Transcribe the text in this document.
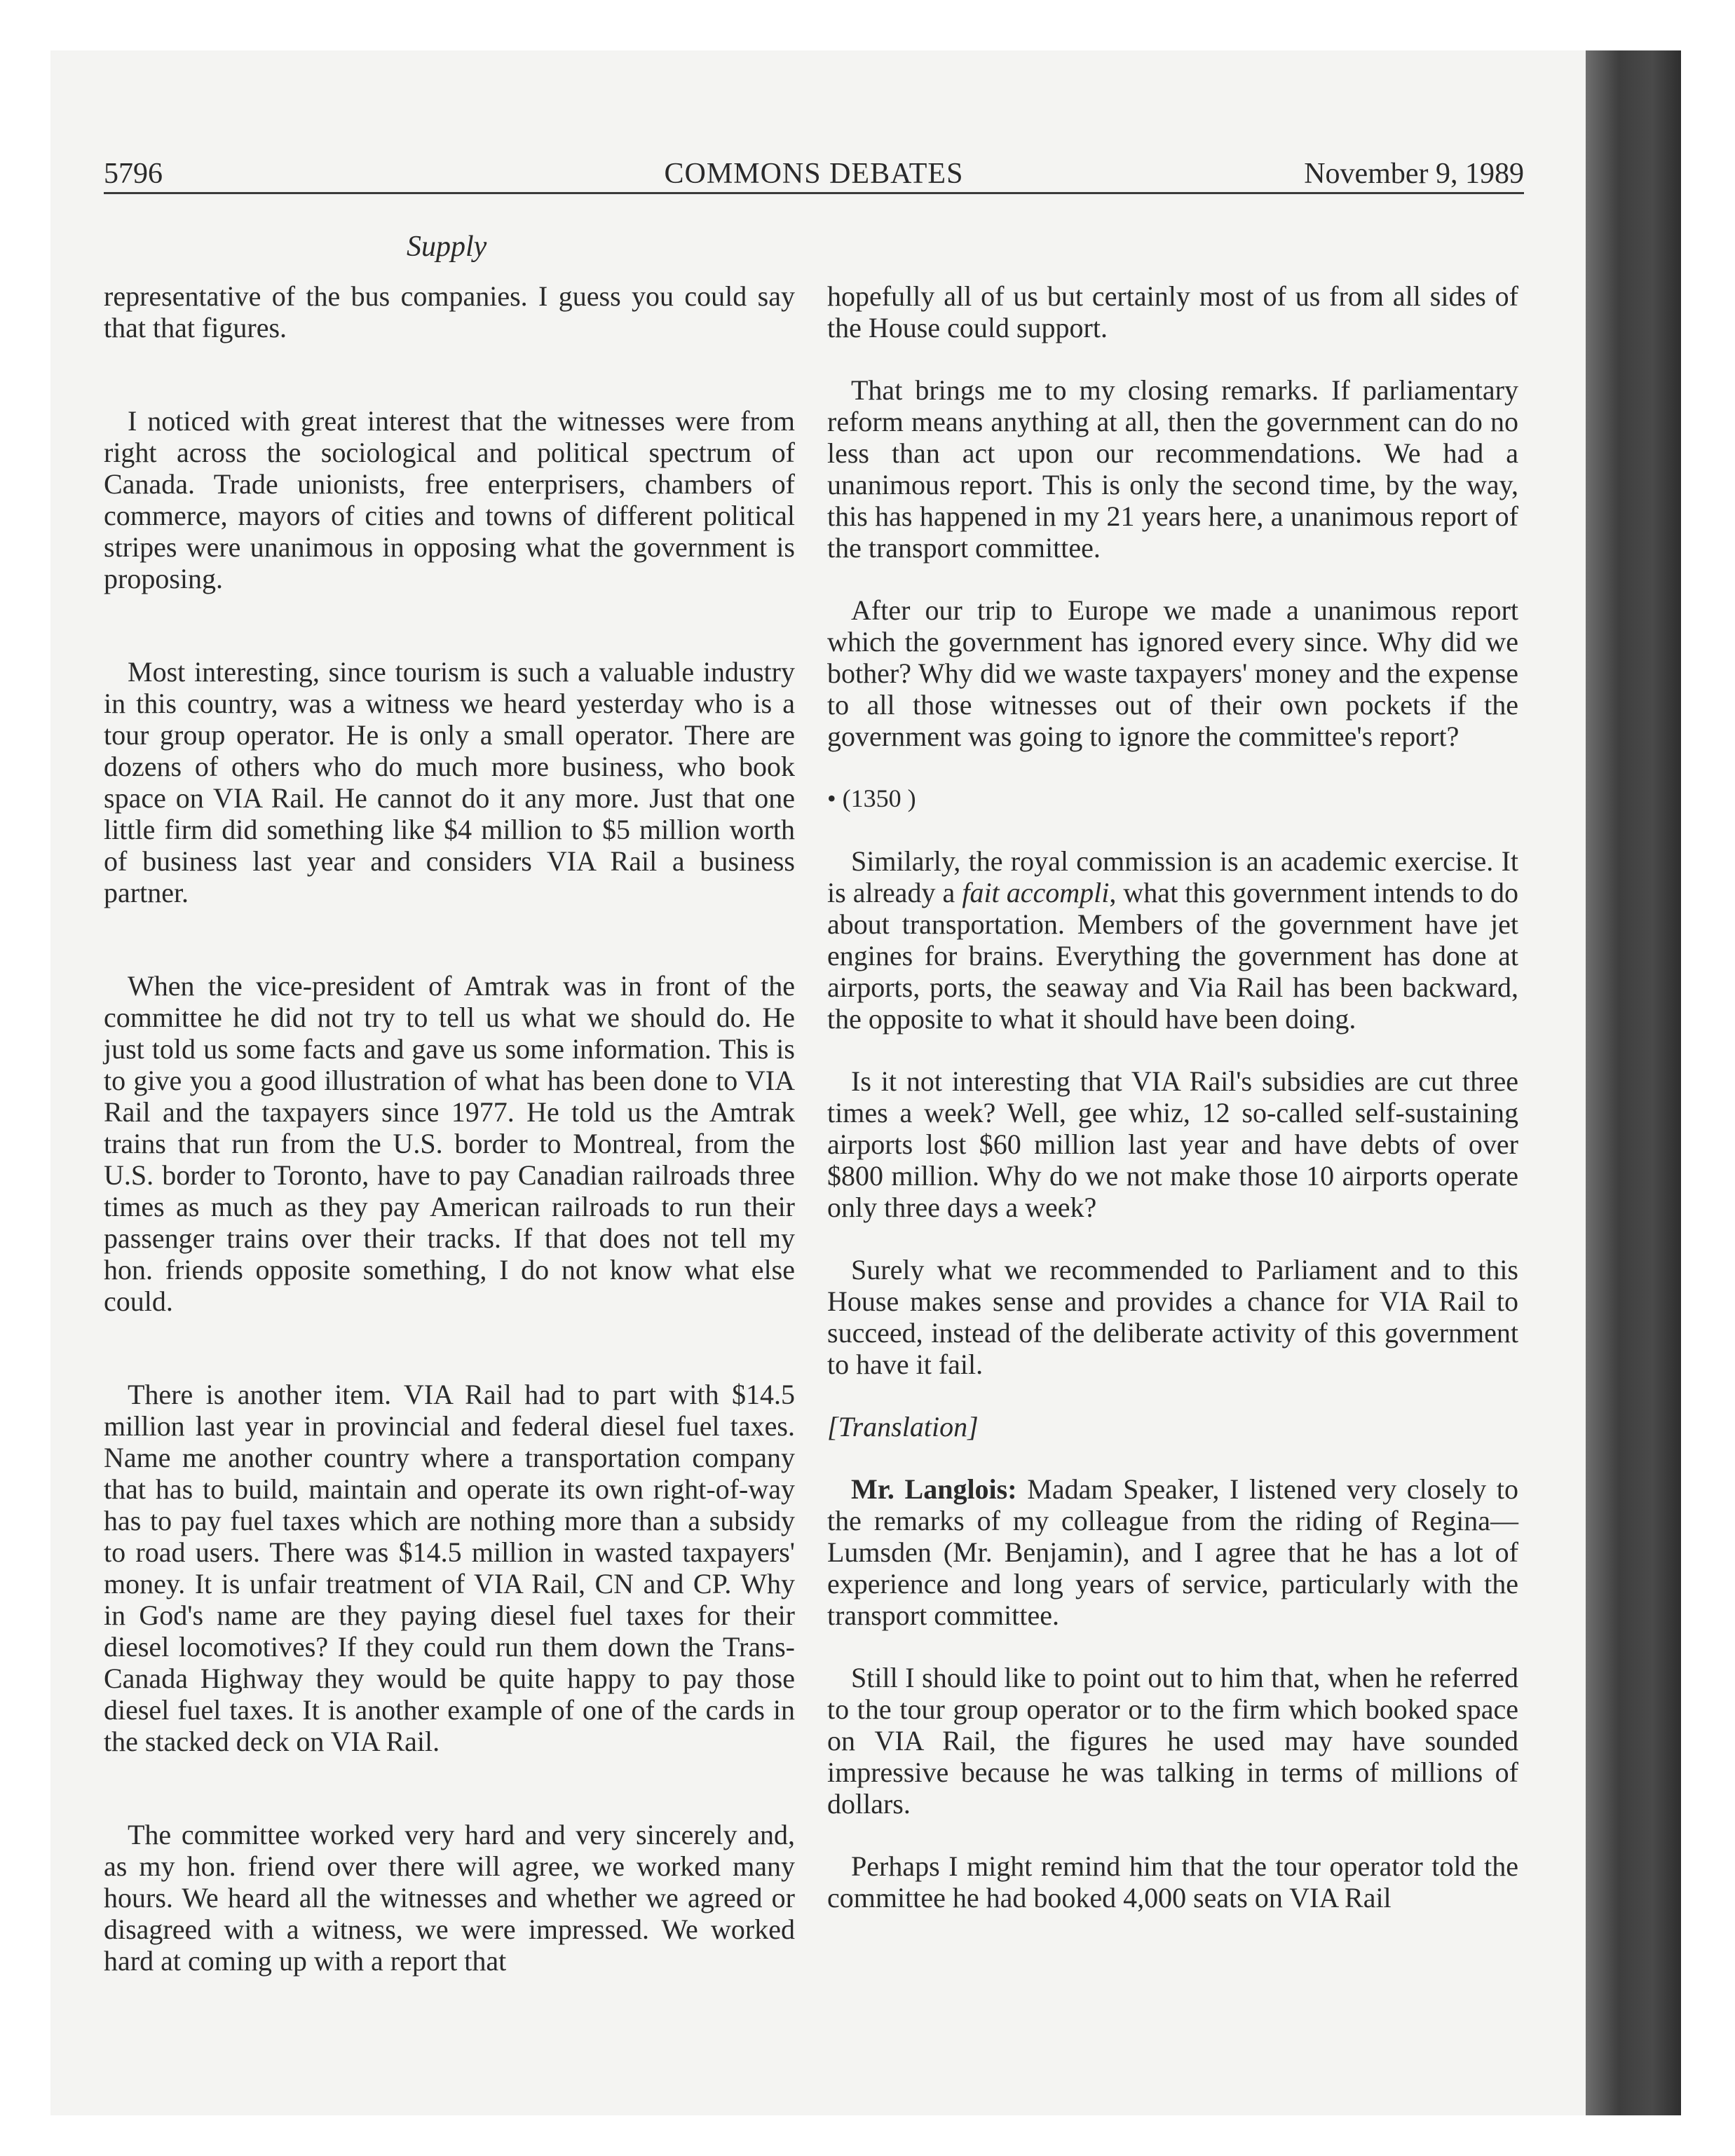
5796	COMMONS DEBATES	November 9, 1989
Supply

representative of the bus companies. I guess you could say that that figures.

I noticed with great interest that the witnesses were from right across the sociological and political spectrum of Canada. Trade unionists, free enterprisers, chambers of commerce, mayors of cities and towns of different political stripes were unanimous in opposing what the government is proposing.

Most interesting, since tourism is such a valuable industry in this country, was a witness we heard yesterday who is a tour group operator. He is only a small operator. There are dozens of others who do much more business, who book space on VIA Rail. He cannot do it any more. Just that one little firm did something like $4 million to $5 million worth of business last year and considers VIA Rail a business partner.

When the vice-president of Amtrak was in front of the committee he did not try to tell us what we should do. He just told us some facts and gave us some information. This is to give you a good illustration of what has been done to VIA Rail and the taxpayers since 1977. He told us the Amtrak trains that run from the U.S. border to Montreal, from the U.S. border to Toronto, have to pay Canadian railroads three times as much as they pay American railroads to run their passenger trains over their tracks. If that does not tell my hon. friends opposite something, I do not know what else could.

There is another item. VIA Rail had to part with $14.5 million last year in provincial and federal diesel fuel taxes. Name me another country where a transportation company that has to build, maintain and operate its own right-of-way has to pay fuel taxes which are nothing more than a subsidy to road users. There was $14.5 million in wasted taxpayers' money. It is unfair treatment of VIA Rail, CN and CP. Why in God's name are they paying diesel fuel taxes for their diesel locomotives? If they could run them down the Trans-Canada Highway they would be quite happy to pay those diesel fuel taxes. It is another example of one of the cards in the stacked deck on VIA Rail.

The committee worked very hard and very sincerely and, as my hon. friend over there will agree, we worked many hours. We heard all the witnesses and whether we agreed or disagreed with a witness, we were impressed. We worked hard at coming up with a report that

hopefully all of us but certainly most of us from all sides of the House could support.

That brings me to my closing remarks. If parliamentary reform means anything at all, then the government can do no less than act upon our recommendations. We had a unanimous report. This is only the second time, by the way, this has happened in my 21 years here, a unanimous report of the transport committee.

After our trip to Europe we made a unanimous report which the government has ignored every since. Why did we bother? Why did we waste taxpayers' money and the expense to all those witnesses out of their own pockets if the government was going to ignore the committee's report?

• (1350 )

Similarly, the royal commission is an academic exercise. It is already a fait accompli, what this government intends to do about transportation. Members of the government have jet engines for brains. Everything the government has done at airports, ports, the seaway and Via Rail has been backward, the opposite to what it should have been doing.

Is it not interesting that VIA Rail's subsidies are cut three times a week? Well, gee whiz, 12 so-called self-sustaining airports lost $60 million last year and have debts of over $800 million. Why do we not make those 10 airports operate only three days a week?

Surely what we recommended to Parliament and to this House makes sense and provides a chance for VIA Rail to succeed, instead of the deliberate activity of this government to have it fail.

[Translation]

Mr. Langlois: Madam Speaker, I listened very closely to the remarks of my colleague from the riding of Regina—Lumsden (Mr. Benjamin), and I agree that he has a lot of experience and long years of service, particularly with the transport committee.

Still I should like to point out to him that, when he referred to the tour group operator or to the firm which booked space on VIA Rail, the figures he used may have sounded impressive because he was talking in terms of millions of dollars.

Perhaps I might remind him that the tour operator told the committee he had booked 4,000 seats on VIA Rail
